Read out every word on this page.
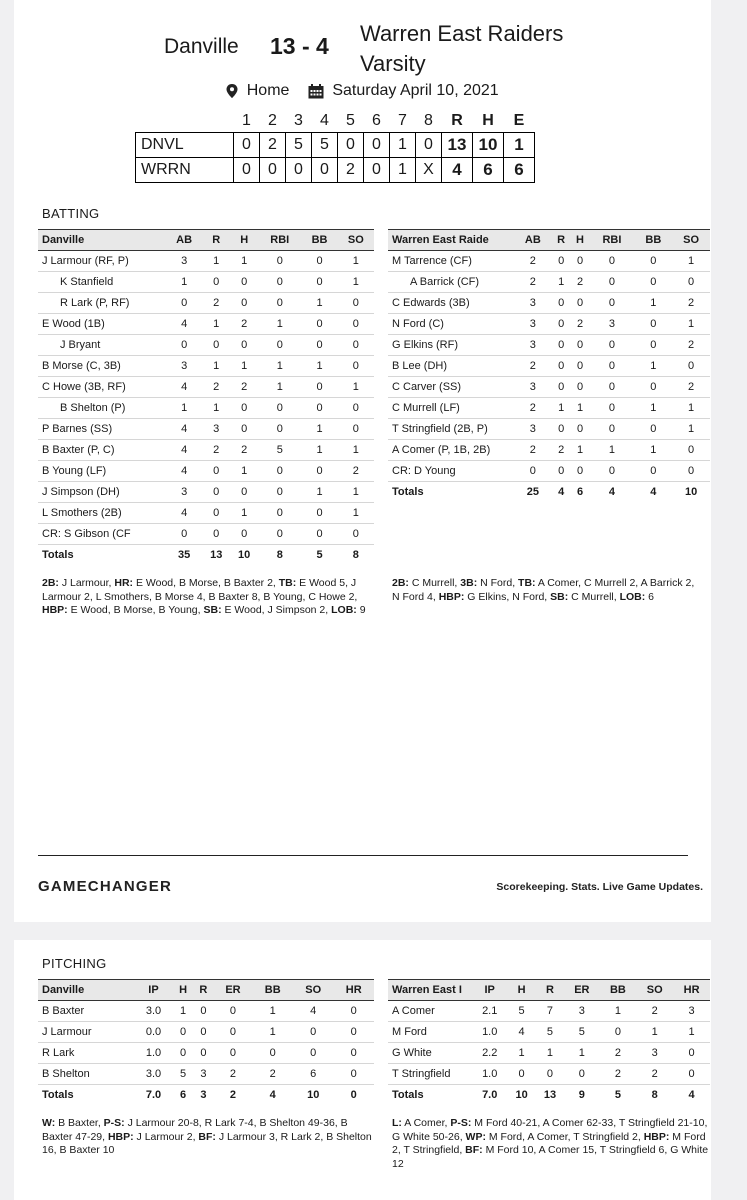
Danville 13 - 4 Warren East Raiders
Varsity
Home	Saturday April 10, 2021
	1	2	3	4	5	6	7	8	R	H	E
DNVL	0	2	5	5	0	0	1	0	13	10	1
WRRN	0	0	0	0	2	0	1	X	4	6	6
BATTING
Danville	AB	R	H	RBI	BB	SO
J Larmour (RF, P)	3	1	1	0	0	1
K Stanfield	1	0	0	0	0	1
R Lark (P, RF)	0	2	0	0	1	0
E Wood (1B)	4	1	2	1	0	0
J Bryant	0	0	0	0	0	0
B Morse (C, 3B)	3	1	1	1	1	0
C Howe (3B, RF)	4	2	2	1	0	1
B Shelton (P)	1	1	0	0	0	0
P Barnes (SS)	4	3	0	0	1	0
B Baxter (P, C)	4	2	2	5	1	1
B Young (LF)	4	0	1	0	0	2
J Simpson (DH)	3	0	0	0	1	1
L Smothers (2B)	4	0	1	0	0	1
CR: S Gibson (CF	0	0	0	0	0	0
Totals	35	13	10	8	5	8
Warren East Raide	AB	R	H	RBI	BB	SO
M Tarrence (CF)	2	0	0	0	0	1
A Barrick (CF)	2	1	2	0	0	0
C Edwards (3B)	3	0	0	0	1	2
N Ford (C)	3	0	2	3	0	1
G Elkins (RF)	3	0	0	0	0	2
B Lee (DH)	2	0	0	0	1	0
C Carver (SS)	3	0	0	0	0	2
C Murrell (LF)	2	1	1	0	1	1
T Stringfield (2B, P)	3	0	0	0	0	1
A Comer (P, 1B, 2B)	2	2	1	1	1	0
CR: D Young	0	0	0	0	0	0
Totals	25	4	6	4	4	10
2B: J Larmour, HR: E Wood, B Morse, B Baxter 2, TB: E Wood 5, J Larmour 2, L Smothers, B Morse 4, B Baxter 8, B Young, C Howe 2, HBP: E Wood, B Morse, B Young, SB: E Wood, J Simpson 2, LOB: 9
2B: C Murrell, 3B: N Ford, TB: A Comer, C Murrell 2, A Barrick 2, N Ford 4, HBP: G Elkins, N Ford, SB: C Murrell, LOB: 6
GAMECHANGER	Scorekeeping. Stats. Live Game Updates.
PITCHING
Danville	IP	H	R	ER	BB	SO	HR
B Baxter	3.0	1	0	0	1	4	0
J Larmour	0.0	0	0	0	1	0	0
R Lark	1.0	0	0	0	0	0	0
B Shelton	3.0	5	3	2	2	6	0
Totals	7.0	6	3	2	4	10	0
Warren East I	IP	H	R	ER	BB	SO	HR
A Comer	2.1	5	7	3	1	2	3
M Ford	1.0	4	5	5	0	1	1
G White	2.2	1	1	1	2	3	0
T Stringfield	1.0	0	0	0	2	2	0
Totals	7.0	10	13	9	5	8	4
W: B Baxter, P-S: J Larmour 20-8, R Lark 7-4, B Shelton 49-36, B Baxter 47-29, HBP: J Larmour 2, BF: J Larmour 3, R Lark 2, B Shelton 16, B Baxter 10
L: A Comer, P-S: M Ford 40-21, A Comer 62-33, T Stringfield 21-10, G White 50-26, WP: M Ford, A Comer, T Stringfield 2, HBP: M Ford 2, T Stringfield, BF: M Ford 10, A Comer 15, T Stringfield 6, G White 12
